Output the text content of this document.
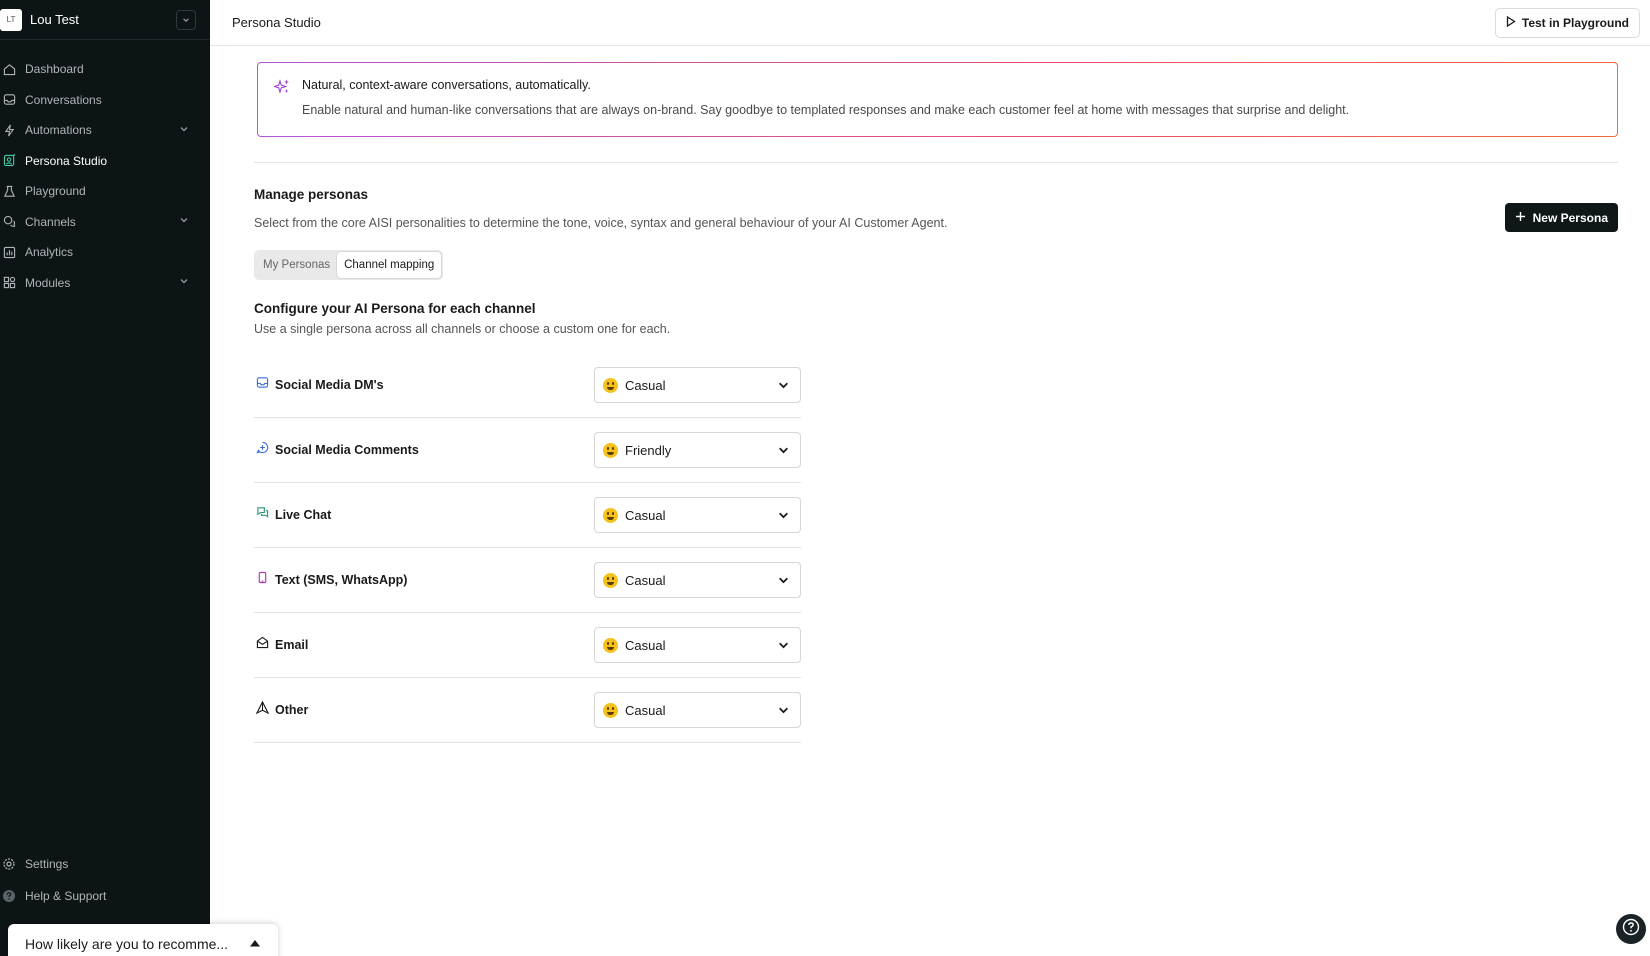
LT	Lou Test
Dashboard
Conversations
Automations
Persona Studio
Playground
Channels
Analytics
Modules
Settings
Help & Support
Persona Studio	Test in Playground
Natural, context-aware conversations, automatically.
Enable natural and human-like conversations that are always on-brand. Say goodbye to templated responses and make each customer feel at home with messages that surprise and delight.
Manage personas
Select from the core AISI personalities to determine the tone, voice, syntax and general behaviour of your AI Customer Agent.	New Persona
My Personas	Channel mapping
Configure your AI Persona for each channel
Use a single persona across all channels or choose a custom one for each.
Social Media DM's	Casual
Social Media Comments	Friendly
Live Chat	Casual
Text (SMS, WhatsApp)	Casual
Email	Casual
Other	Casual
How likely are you to recomme...
